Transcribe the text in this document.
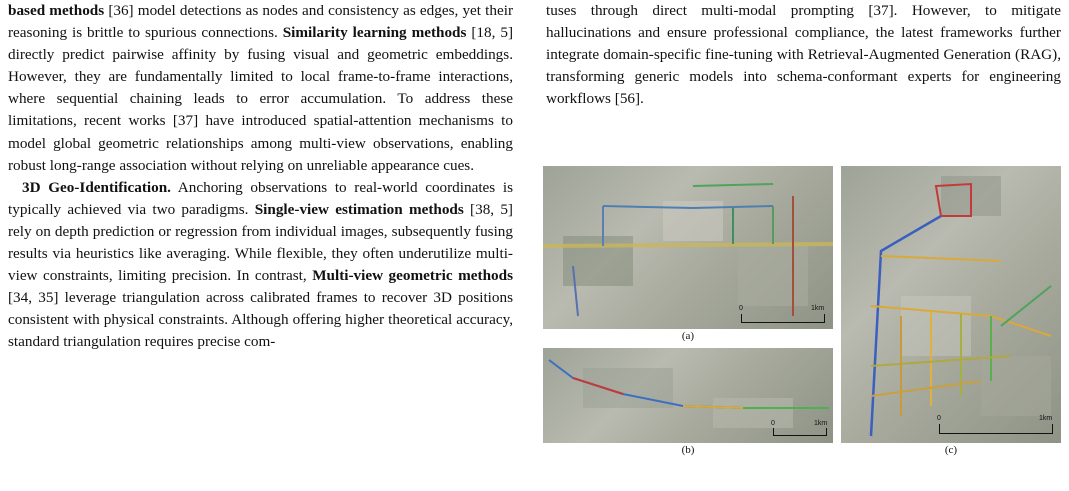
based methods [36] model detections as nodes and consistency as edges, yet their reasoning is brittle to spurious connections. Similarity learning methods [18, 5] directly predict pairwise affinity by fusing visual and geometric embeddings. However, they are fundamentally limited to local frame-to-frame interactions, where sequential chaining leads to error accumulation. To address these limitations, recent works [37] have introduced spatial-attention mechanisms to model global geometric relationships among multi-view observations, enabling robust long-range association without relying on unreliable appearance cues.

3D Geo-Identification. Anchoring observations to real-world coordinates is typically achieved via two paradigms. Single-view estimation methods [38, 5] rely on depth prediction or regression from individual images, subsequently fusing results via heuristics like averaging. While flexible, they often underutilize multi-view constraints, limiting precision. In contrast, Multi-view geometric methods [34, 35] leverage triangulation across calibrated frames to recover 3D positions consistent with physical constraints. Although offering higher theoretical accuracy, standard triangulation requires precise com-

tuses through direct multi-modal prompting [37]. However, to mitigate hallucinations and ensure professional compliance, the latest frameworks further integrate domain-specific fine-tuning with Retrieval-Augmented Generation (RAG), transforming generic models into schema-conformant experts for engineering workflows [56].

0	1km
(a)
0	1km
(b)
0	1km
(c)
